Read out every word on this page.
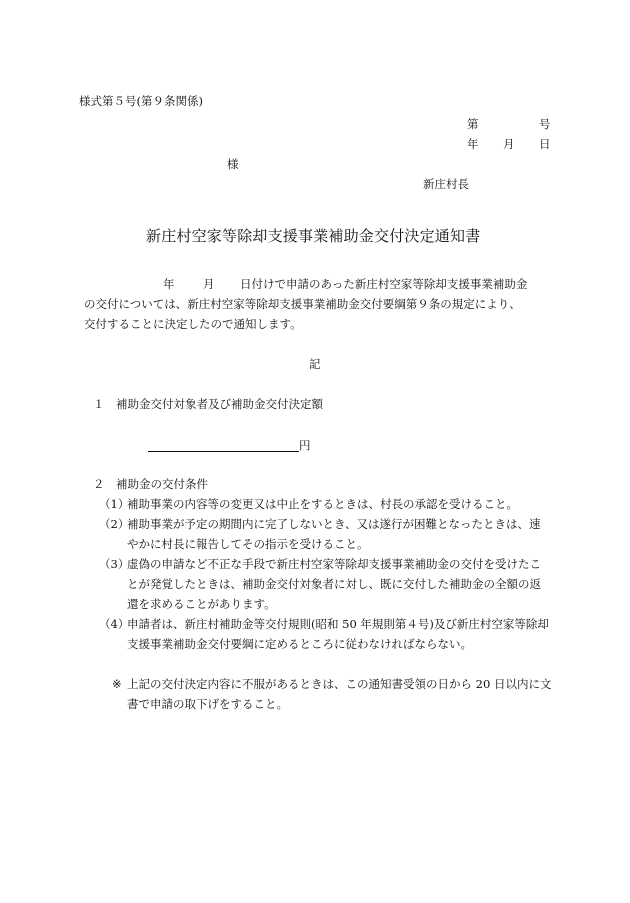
様式第５号(第９条関係)
第	号
年 月 日
様
新庄村長
新庄村空家等除却支援事業補助金交付決定通知書
年 月 日付けで申請のあった新庄村空家等除却支援事業補助金
の交付については、新庄村空家等除却支援事業補助金交付要綱第９条の規定により、
交付することに決定したので通知します。
記
１ 補助金交付対象者及び補助金交付決定額
円
２ 補助金の交付条件
（1）
補助事業の内容等の変更又は中止をするときは、村長の承認を受けること。
（2）
補助事業が予定の期間内に完了しないとき、又は遂行が困難となったときは、速
やかに村長に報告してその指示を受けること。
（3）
虚偽の申請など不正な手段で新庄村空家等除却支援事業補助金の交付を受けたこ
とが発覚したときは、補助金交付対象者に対し、既に交付した補助金の全額の返
還を求めることがあります。
（4）
申請者は、新庄村補助金等交付規則(昭和 50 年規則第４号)及び新庄村空家等除却
支援事業補助金交付要綱に定めるところに従わなければならない。
※ 上記の交付決定内容に不服があるときは、この通知書受領の日から 20 日以内に文
書で申請の取下げをすること。
